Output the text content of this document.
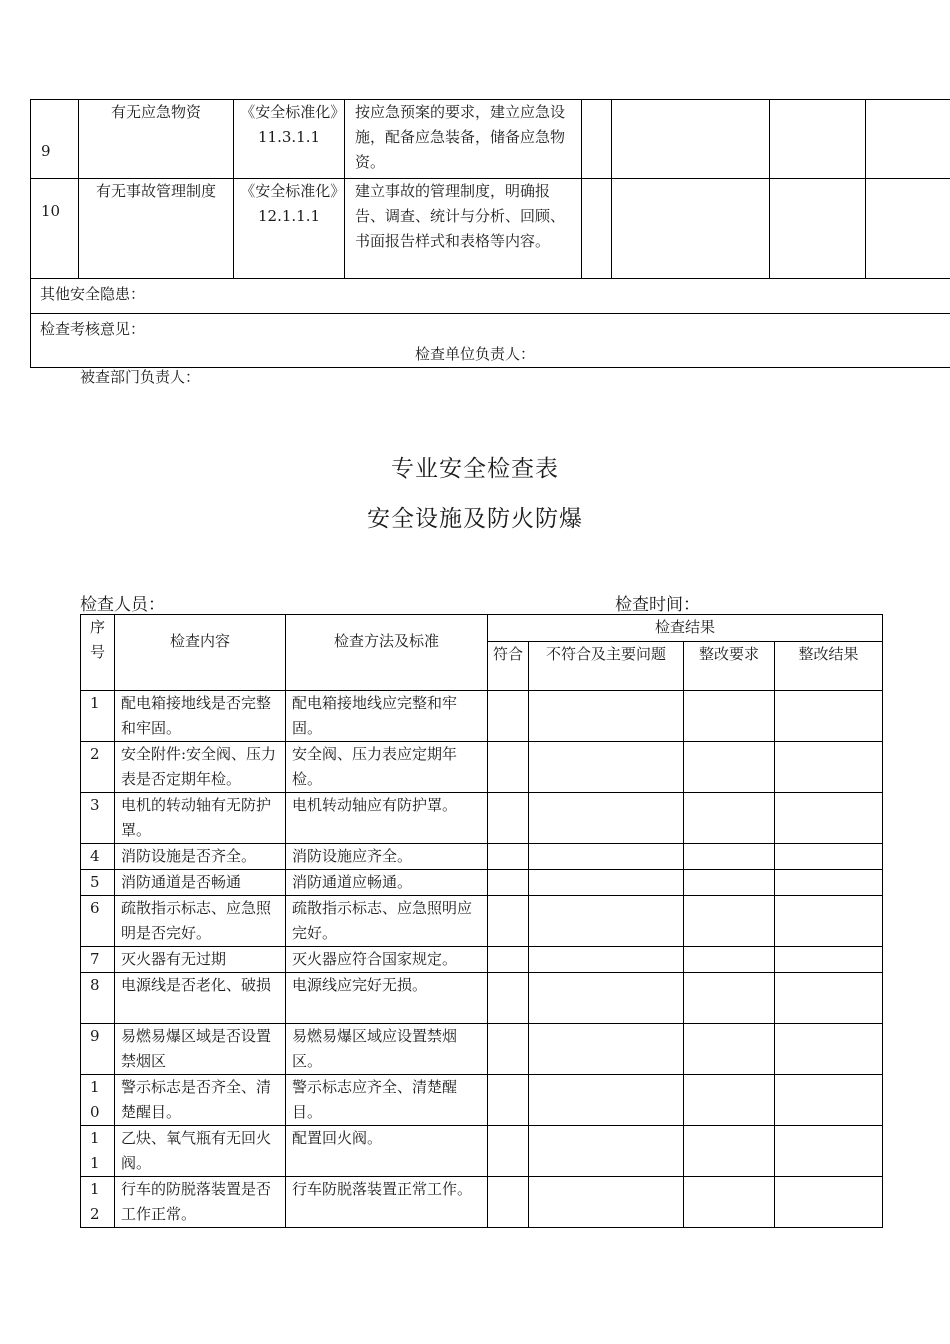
9	有无应急物资	《安全标准化》11.3.1.1	按应急预案的要求，建立应急设施，配备应急装备，储备应急物资。				
10	有无事故管理制度	《安全标准化》12.1.1.1	建立事故的管理制度，明确报告、调查、统计与分析、回顾、书面报告样式和表格等内容。				
其他安全隐患：							

检查考核意见：
检查单位负责人：							
被查部门负责人：
专业安全检查表
安全设施及防火防爆
检查人员：	检查时间：
序号	检查内容	检查方法及标准	检查结果			
			符合	不符合及主要问题	整改要求	整改结果
1	配电箱接地线是否完整和牢固。	配电箱接地线应完整和牢固。				
2	安全附件:安全阀、压力表是否定期年检。	安全阀、压力表应定期年检。				
3	电机的转动轴有无防护罩。	电机转动轴应有防护罩。				
4	消防设施是否齐全。	消防设施应齐全。				
5	消防通道是否畅通	消防通道应畅通。				
6	疏散指示标志、应急照明是否完好。	疏散指示标志、应急照明应完好。				
7	灭火器有无过期	灭火器应符合国家规定。				
8	电源线是否老化、破损	电源线应完好无损。				
9	易燃易爆区域是否设置禁烟区	易燃易爆区域应设置禁烟区。				
10	警示标志是否齐全、清楚醒目。	警示标志应齐全、清楚醒目。				
11	乙炔、氧气瓶有无回火阀。	配置回火阀。				
12	行车的防脱落装置是否工作正常。	行车防脱落装置正常工作。				
